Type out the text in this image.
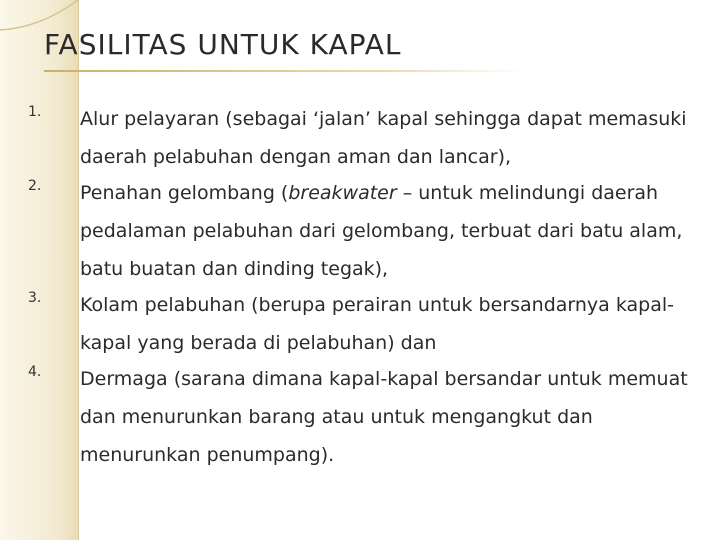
FASILITAS UNTUK KAPAL
1. Alur pelayaran (sebagai ‘jalan’ kapal sehingga dapat memasuki daerah pelabuhan dengan aman dan lancar),
2. Penahan gelombang (breakwater – untuk melindungi daerah pedalaman pelabuhan dari gelombang, terbuat dari batu alam, batu buatan dan dinding tegak),
3. Kolam pelabuhan (berupa perairan untuk bersandarnya kapal-kapal yang berada di pelabuhan) dan
4. Dermaga (sarana dimana kapal-kapal bersandar untuk memuat dan menurunkan barang atau untuk mengangkut dan menurunkan penumpang).
